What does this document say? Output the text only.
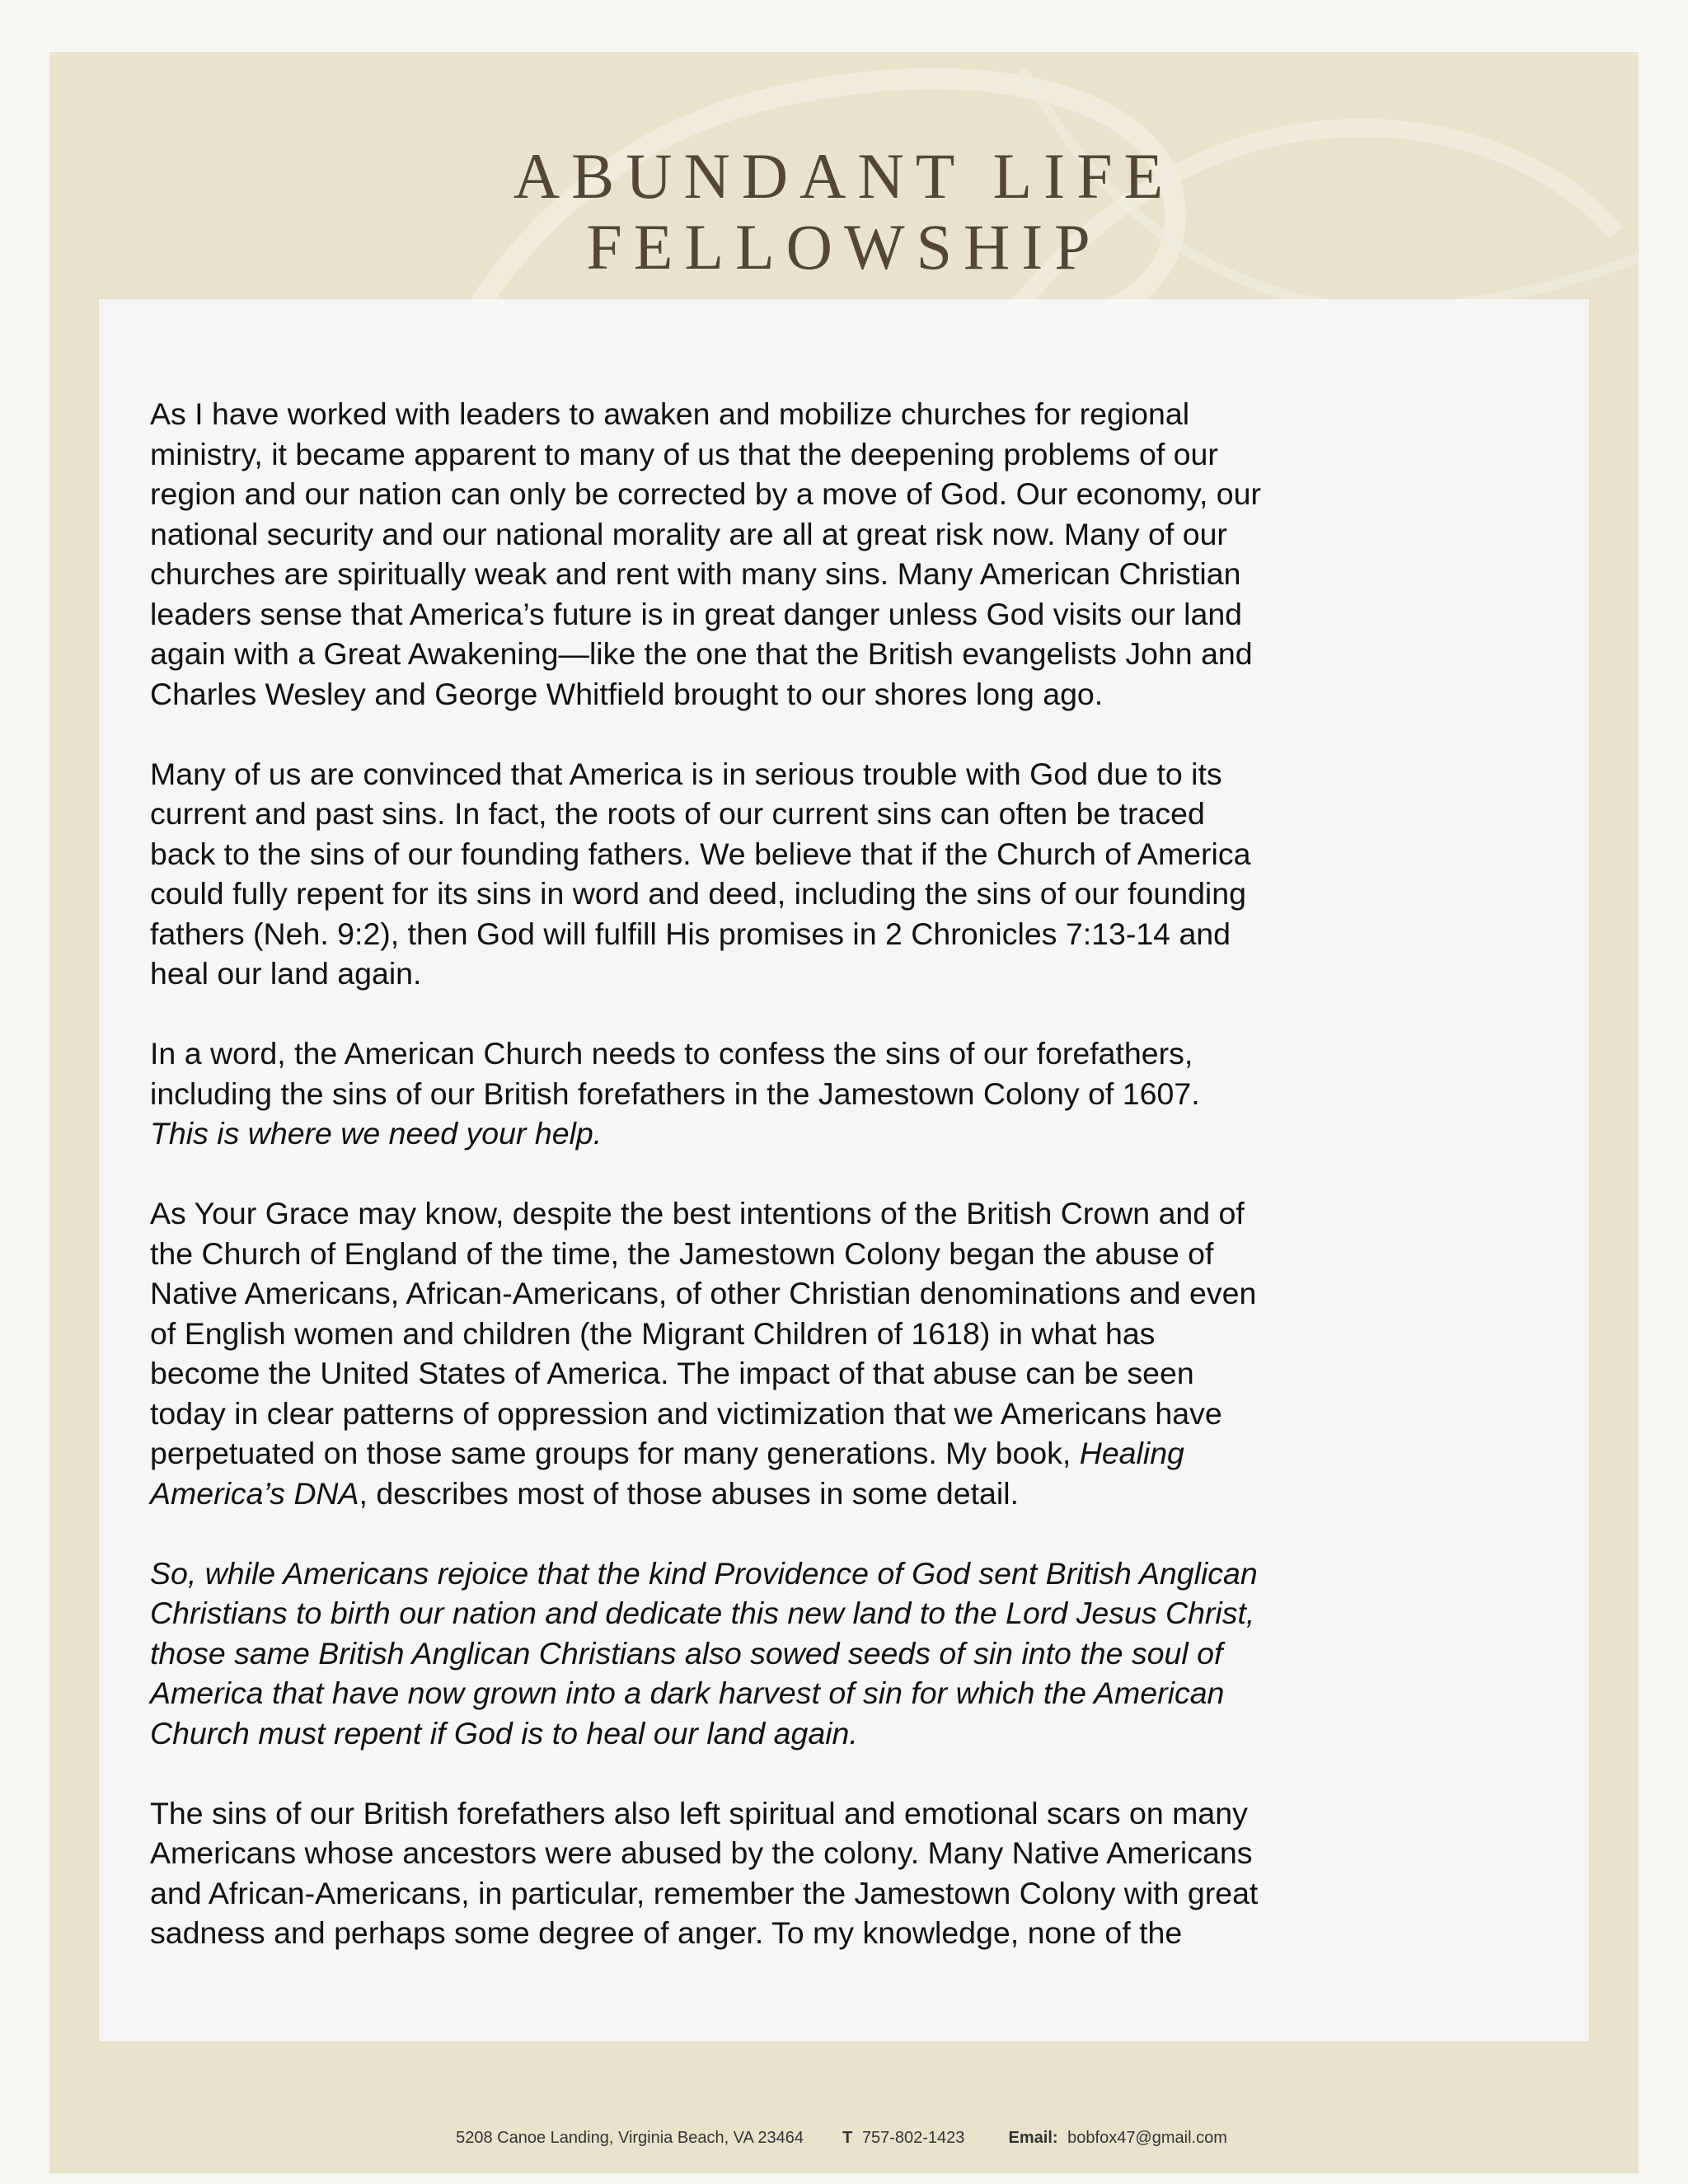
ABUNDANT LIFE
FELLOWSHIP
5208 Canoe Landing, Virginia Beach, VA 23464 T 757-802-1423	Email: bobfox47@gmail.com

As I have worked with leaders to awaken and mobilize churches for regional
ministry, it became apparent to many of us that the deepening problems of our
region and our nation can only be corrected by a move of God. Our economy, our
national security and our national morality are all at great risk now. Many of our
churches are spiritually weak and rent with many sins. Many American Christian
leaders sense that America’s future is in great danger unless God visits our land
again with a Great Awakening—like the one that the British evangelists John and
Charles Wesley and George Whitfield brought to our shores long ago.

Many of us are convinced that America is in serious trouble with God due to its
current and past sins. In fact, the roots of our current sins can often be traced
back to the sins of our founding fathers. We believe that if the Church of America
could fully repent for its sins in word and deed, including the sins of our founding
fathers (Neh. 9:2), then God will fulfill His promises in 2 Chronicles 7:13-14 and
heal our land again.

In a word, the American Church needs to confess the sins of our forefathers,
including the sins of our British forefathers in the Jamestown Colony of 1607.
This is where we need your help.

As Your Grace may know, despite the best intentions of the British Crown and of
the Church of England of the time, the Jamestown Colony began the abuse of
Native Americans, African-Americans, of other Christian denominations and even
of English women and children (the Migrant Children of 1618) in what has
become the United States of America. The impact of that abuse can be seen
today in clear patterns of oppression and victimization that we Americans have
perpetuated on those same groups for many generations. My book, Healing
America’s DNA, describes most of those abuses in some detail.

So, while Americans rejoice that the kind Providence of God sent British Anglican
Christians to birth our nation and dedicate this new land to the Lord Jesus Christ,
those same British Anglican Christians also sowed seeds of sin into the soul of
America that have now grown into a dark harvest of sin for which the American
Church must repent if God is to heal our land again.

The sins of our British forefathers also left spiritual and emotional scars on many
Americans whose ancestors were abused by the colony. Many Native Americans
and African-Americans, in particular, remember the Jamestown Colony with great
sadness and perhaps some degree of anger. To my knowledge, none of the
